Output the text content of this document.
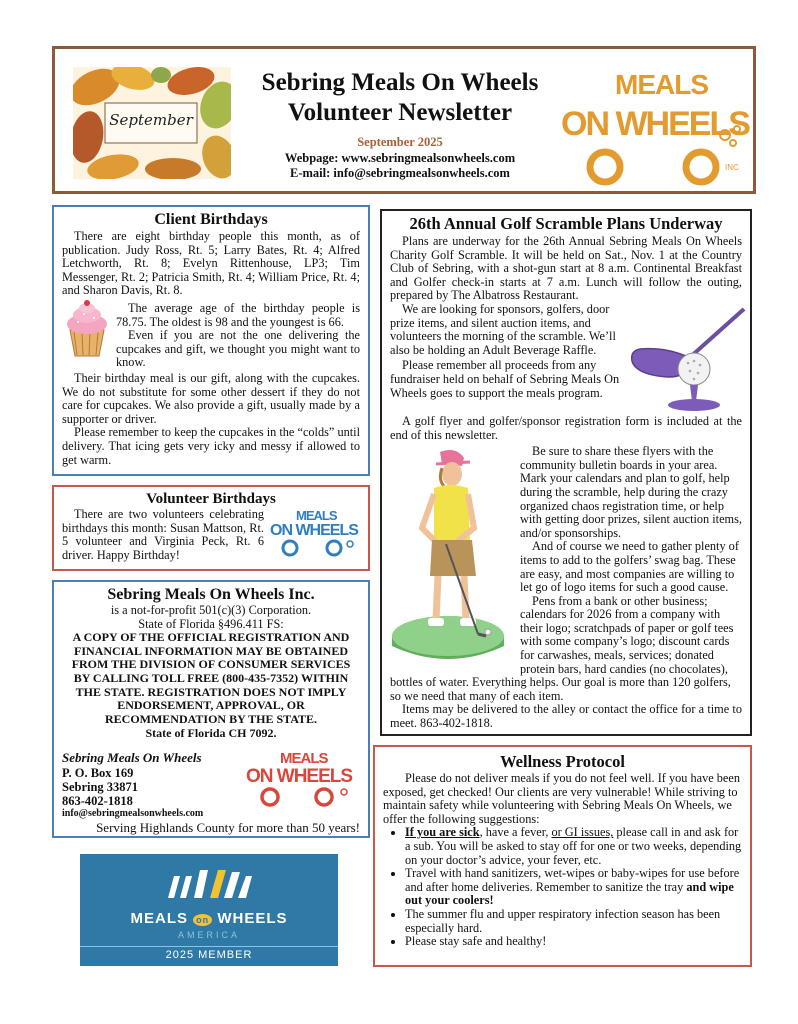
September
Sebring Meals On Wheels
Volunteer Newsletter
September 2025
Webpage: www.sebringmealsonwheels.com
E-mail: info@sebringmealsonwheels.com
MEALS
ON WHEELS
INC
Client Birthdays

There are eight birthday people this month, as of publication. Judy Ross, Rt. 5; Larry Bates, Rt. 4; Alfred Letchworth, Rt. 8; Evelyn Rittenhouse, LP3; Tim Messenger, Rt. 2; Patricia Smith, Rt. 4; William Price, Rt. 4; and Sharon Davis, Rt. 8.

The average age of the birthday people is 78.75. The oldest is 98 and the youngest is 66.

Even if you are not the one delivering the cupcakes and gift, we thought you might want to know.

Their birthday meal is our gift, along with the cupcakes. We do not substitute for some other dessert if they do not care for cupcakes. We also provide a gift, usually made by a supporter or driver.

Please remember to keep the cupcakes in the “colds” until delivery. That icing gets very icky and messy if allowed to get warm.

Volunteer Birthdays
MEALS
ON WHEELS

There are two volunteers celebrating birthdays this month: Susan Mattson, Rt. 5 volunteer and Virginia Peck, Rt. 6 driver. Happy Birthday!

Sebring Meals On Wheels Inc.
is a not-for-profit 501(c)(3) Corporation.
State of Florida §496.411 FS:
A COPY OF THE OFFICIAL REGISTRATION AND FINANCIAL INFORMATION MAY BE OBTAINED FROM THE DIVISION OF CONSUMER SERVICES BY CALLING TOLL FREE (800-435-7352) WITHIN THE STATE. REGISTRATION DOES NOT IMPLY ENDORSEMENT, APPROVAL, OR RECOMMENDATION BY THE STATE.
State of Florida CH 7092.
Sebring Meals On Wheels
P. O. Box 169
Sebring 33871
863-402-1818
info@sebringmealsonwheels.com
MEALS
ON WHEELS
Serving Highlands County for more than 50 years!
MEALS on WHEELS
AMERICA
2025 MEMBER
26th Annual Golf Scramble Plans Underway

Plans are underway for the 26th Annual Sebring Meals On Wheels Charity Golf Scramble. It will be held on Sat., Nov. 1 at the Country Club of Sebring, with a shot-gun start at 8 a.m. Continental Breakfast and Golfer check-in starts at 7 a.m. Lunch will follow the outing, prepared by The Albatross Restaurant.

We are looking for sponsors, golfers, door prize items, and silent auction items, and volunteers the morning of the scramble. We’ll also be holding an Adult Beverage Raffle.

Please remember all proceeds from any fundraiser held on behalf of Sebring Meals On Wheels goes to support the meals program.

A golf flyer and golfer/sponsor registration form is included at the end of this newsletter.

Be sure to share these flyers with the community bulletin boards in your area.

Mark your calendars and plan to golf, help during the scramble, help during the crazy organized chaos registration time, or help with getting door prizes, silent auction items, and/or sponsorships.

And of course we need to gather plenty of items to add to the golfers’ swag bag. These are easy, and most companies are willing to let go of logo items for such a good cause.

Pens from a bank or other business; calendars for 2026 from a company with their logo; scratchpads of paper or golf tees with some company’s logo; discount cards for carwashes, meals, services; donated protein bars, hard candies (no chocolates), bottles of water. Everything helps. Our goal is more than 120 golfers, so we need that many of each item.

Items may be delivered to the alley or contact the office for a time to meet. 863-402-1818.

Wellness Protocol

Please do not deliver meals if you do not feel well. If you have been exposed, get checked! Our clients are very vulnerable! While striving to maintain safety while volunteering with Sebring Meals On Wheels, we offer the following suggestions:

• If you are sick, have a fever, or GI issues, please call in and ask for a sub. You will be asked to stay off for one or two weeks, depending on your doctor’s advice, your fever, etc.
• Travel with hand sanitizers, wet-wipes or baby-wipes for use before and after home deliveries. Remember to sanitize the tray and wipe out your coolers!
• The summer flu and upper respiratory infection season has been especially hard.
• Please stay safe and healthy!
